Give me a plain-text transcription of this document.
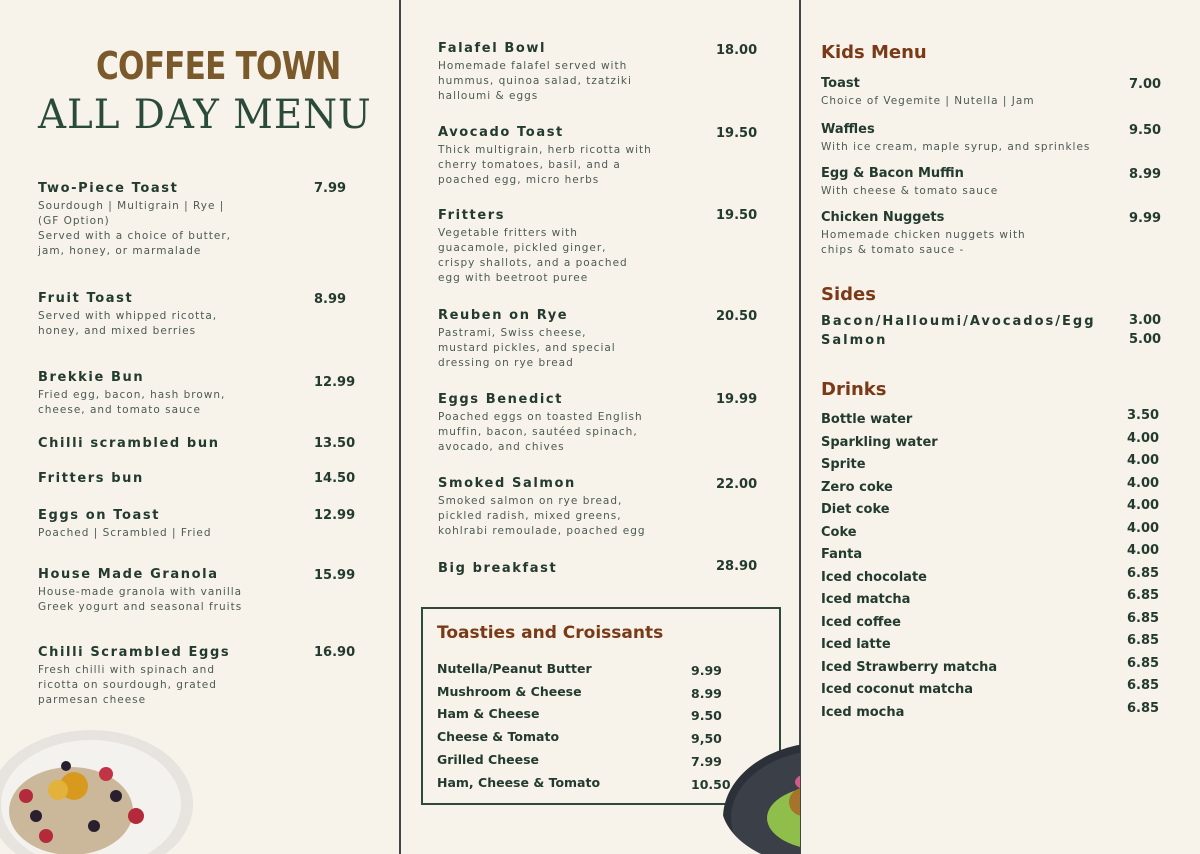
COFFEE TOWN
ALL DAY MENU
Two-Piece Toast
Sourdough | Multigrain | Rye |
(GF Option)
Served with a choice of butter,
jam, honey, or marmalade
7.99
Fruit Toast
Served with whipped ricotta,
honey, and mixed berries
8.99
Brekkie Bun
Fried egg, bacon, hash brown,
cheese, and tomato sauce
12.99
Chilli scrambled bun	13.50
Fritters bun	14.50
Eggs on Toast
Poached | Scrambled | Fried
12.99
House Made Granola
House-made granola with vanilla
Greek yogurt and seasonal fruits
15.99
Chilli Scrambled Eggs
Fresh chilli with spinach and
ricotta on sourdough, grated
parmesan cheese
16.90
Falafel Bowl
Homemade falafel served with
hummus, quinoa salad, tzatziki
halloumi & eggs
18.00
Avocado Toast
Thick multigrain, herb ricotta with
cherry tomatoes, basil, and a
poached egg, micro herbs
19.50
Fritters
Vegetable fritters with
guacamole, pickled ginger,
crispy shallots, and a poached
egg with beetroot puree
19.50
Reuben on Rye
Pastrami, Swiss cheese,
mustard pickles, and special
dressing on rye bread
20.50
Eggs Benedict
Poached eggs on toasted English
muffin, bacon, sautéed spinach,
avocado, and chives
19.99
Smoked Salmon
Smoked salmon on rye bread,
pickled radish, mixed greens,
kohlrabi remoulade, poached egg
22.00
Big breakfast	28.90
Toasties and Croissants
Nutella/Peanut Butter	9.99
Mushroom & Cheese	8.99
Ham & Cheese	9.50
Cheese & Tomato	9,50
Grilled Cheese	7.99
Ham, Cheese & Tomato	10.50
Kids Menu
Toast
Choice of Vegemite | Nutella | Jam
7.00
Waffles
With ice cream, maple syrup, and sprinkles
9.50
Egg & Bacon Muffin
With cheese & tomato sauce
8.99
Chicken Nuggets
Homemade chicken nuggets with
chips & tomato sauce -
9.99
Sides
Bacon/Halloumi/Avocados/Egg	3.00
Salmon	5.00
Drinks
Bottle water	3.50
Sparkling water	4.00
Sprite	4.00
Zero coke	4.00
Diet coke	4.00
Coke	4.00
Fanta	4.00
Iced chocolate	6.85
Iced matcha	6.85
Iced coffee	6.85
Iced latte	6.85
Iced Strawberry matcha	6.85
Iced coconut matcha	6.85
Iced mocha	6.85
